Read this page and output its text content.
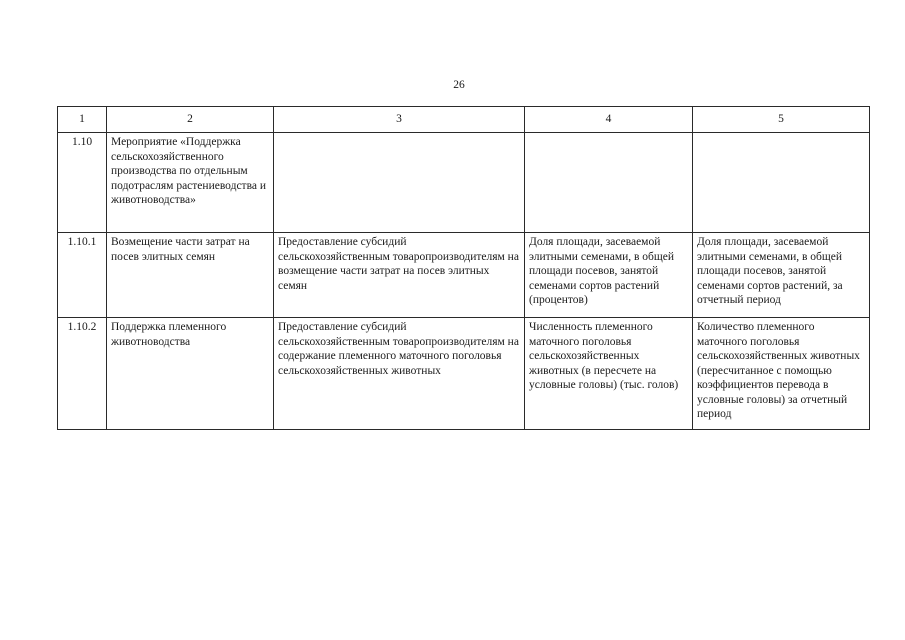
26
1	2	3	4	5
1.10	Мероприятие «Поддержка сельскохозяйственного производства по отдельным подотраслям растениеводства и животноводства»			
1.10.1	Возмещение части затрат на посев элитных семян	Предоставление субсидий сельскохозяйственным товаропроизводителям на возмещение части затрат на посев элитных семян	Доля площади, засеваемой элитными семенами, в общей площади посевов, занятой семенами сортов растений (процентов)	Доля площади, засеваемой элитными семенами, в общей площади посевов, занятой семенами сортов растений, за отчетный период
1.10.2	Поддержка племенного животноводства	Предоставление субсидий сельскохозяйственным товаропроизводителям на содержание племенного маточного поголовья сельскохозяйственных животных	Численность племенного маточного поголовья сельскохозяйственных животных (в пересчете на условные головы) (тыс. голов)	Количество племенного маточного поголовья сельскохозяйственных животных (пересчитанное с помощью коэффициентов перевода в условные головы) за отчетный период
